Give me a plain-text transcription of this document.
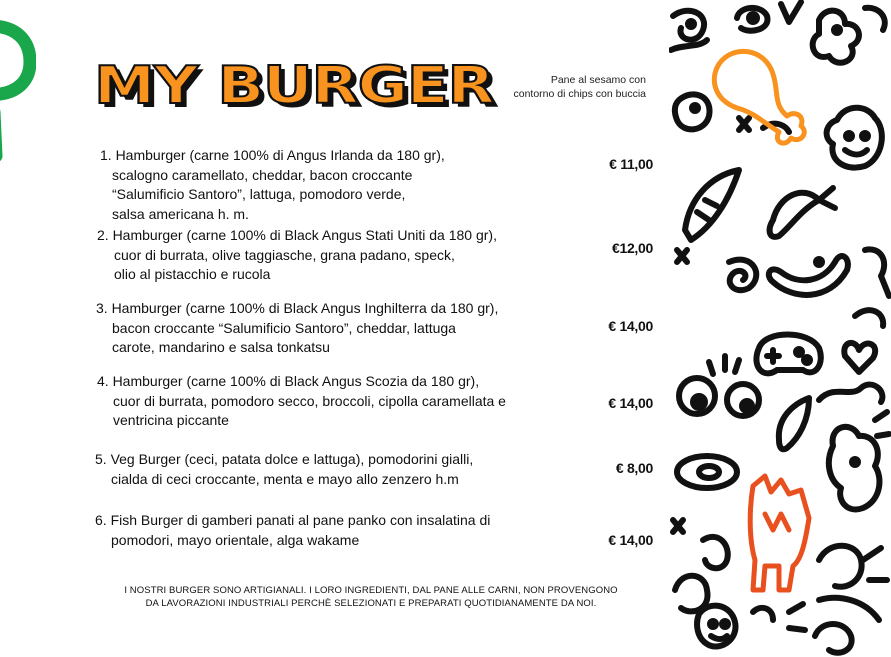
MY BURGER	Pane al sesamo con
contorno di chips con buccia
1. Hamburger (carne 100% di Angus Irlanda da 180 gr),
scalogno caramellato, cheddar, bacon croccante
“Salumificio Santoro”, lattuga, pomodoro verde,
salsa americana h. m.
€ 11,00
2. Hamburger (carne 100% di Black Angus Stati Uniti da 180 gr),
cuor di burrata, olive taggiasche, grana padano, speck,
olio al pistacchio e rucola
€12,00
3. Hamburger (carne 100% di Black Angus Inghilterra da 180 gr),
bacon croccante “Salumificio Santoro”, cheddar, lattuga
carote, mandarino e salsa tonkatsu
€ 14,00
4. Hamburger (carne 100% di Black Angus Scozia da 180 gr),
cuor di burrata, pomodoro secco, broccoli, cipolla caramellata e
ventricina piccante
€ 14,00
5. Veg Burger (ceci, patata dolce e lattuga), pomodorini gialli,
cialda di ceci croccante, menta e mayo allo zenzero h.m
€ 8,00
6. Fish Burger di gamberi panati al pane panko con insalatina di
pomodori, mayo orientale, alga wakame	€ 14,00
I NOSTRI BURGER SONO ARTIGIANALI. I LORO INGREDIENTI, DAL PANE ALLE CARNI, NON PROVENGONO
DA LAVORAZIONI INDUSTRIALI PERCHÈ SELEZIONATI E PREPARATI QUOTIDIANAMENTE DA NOI.
